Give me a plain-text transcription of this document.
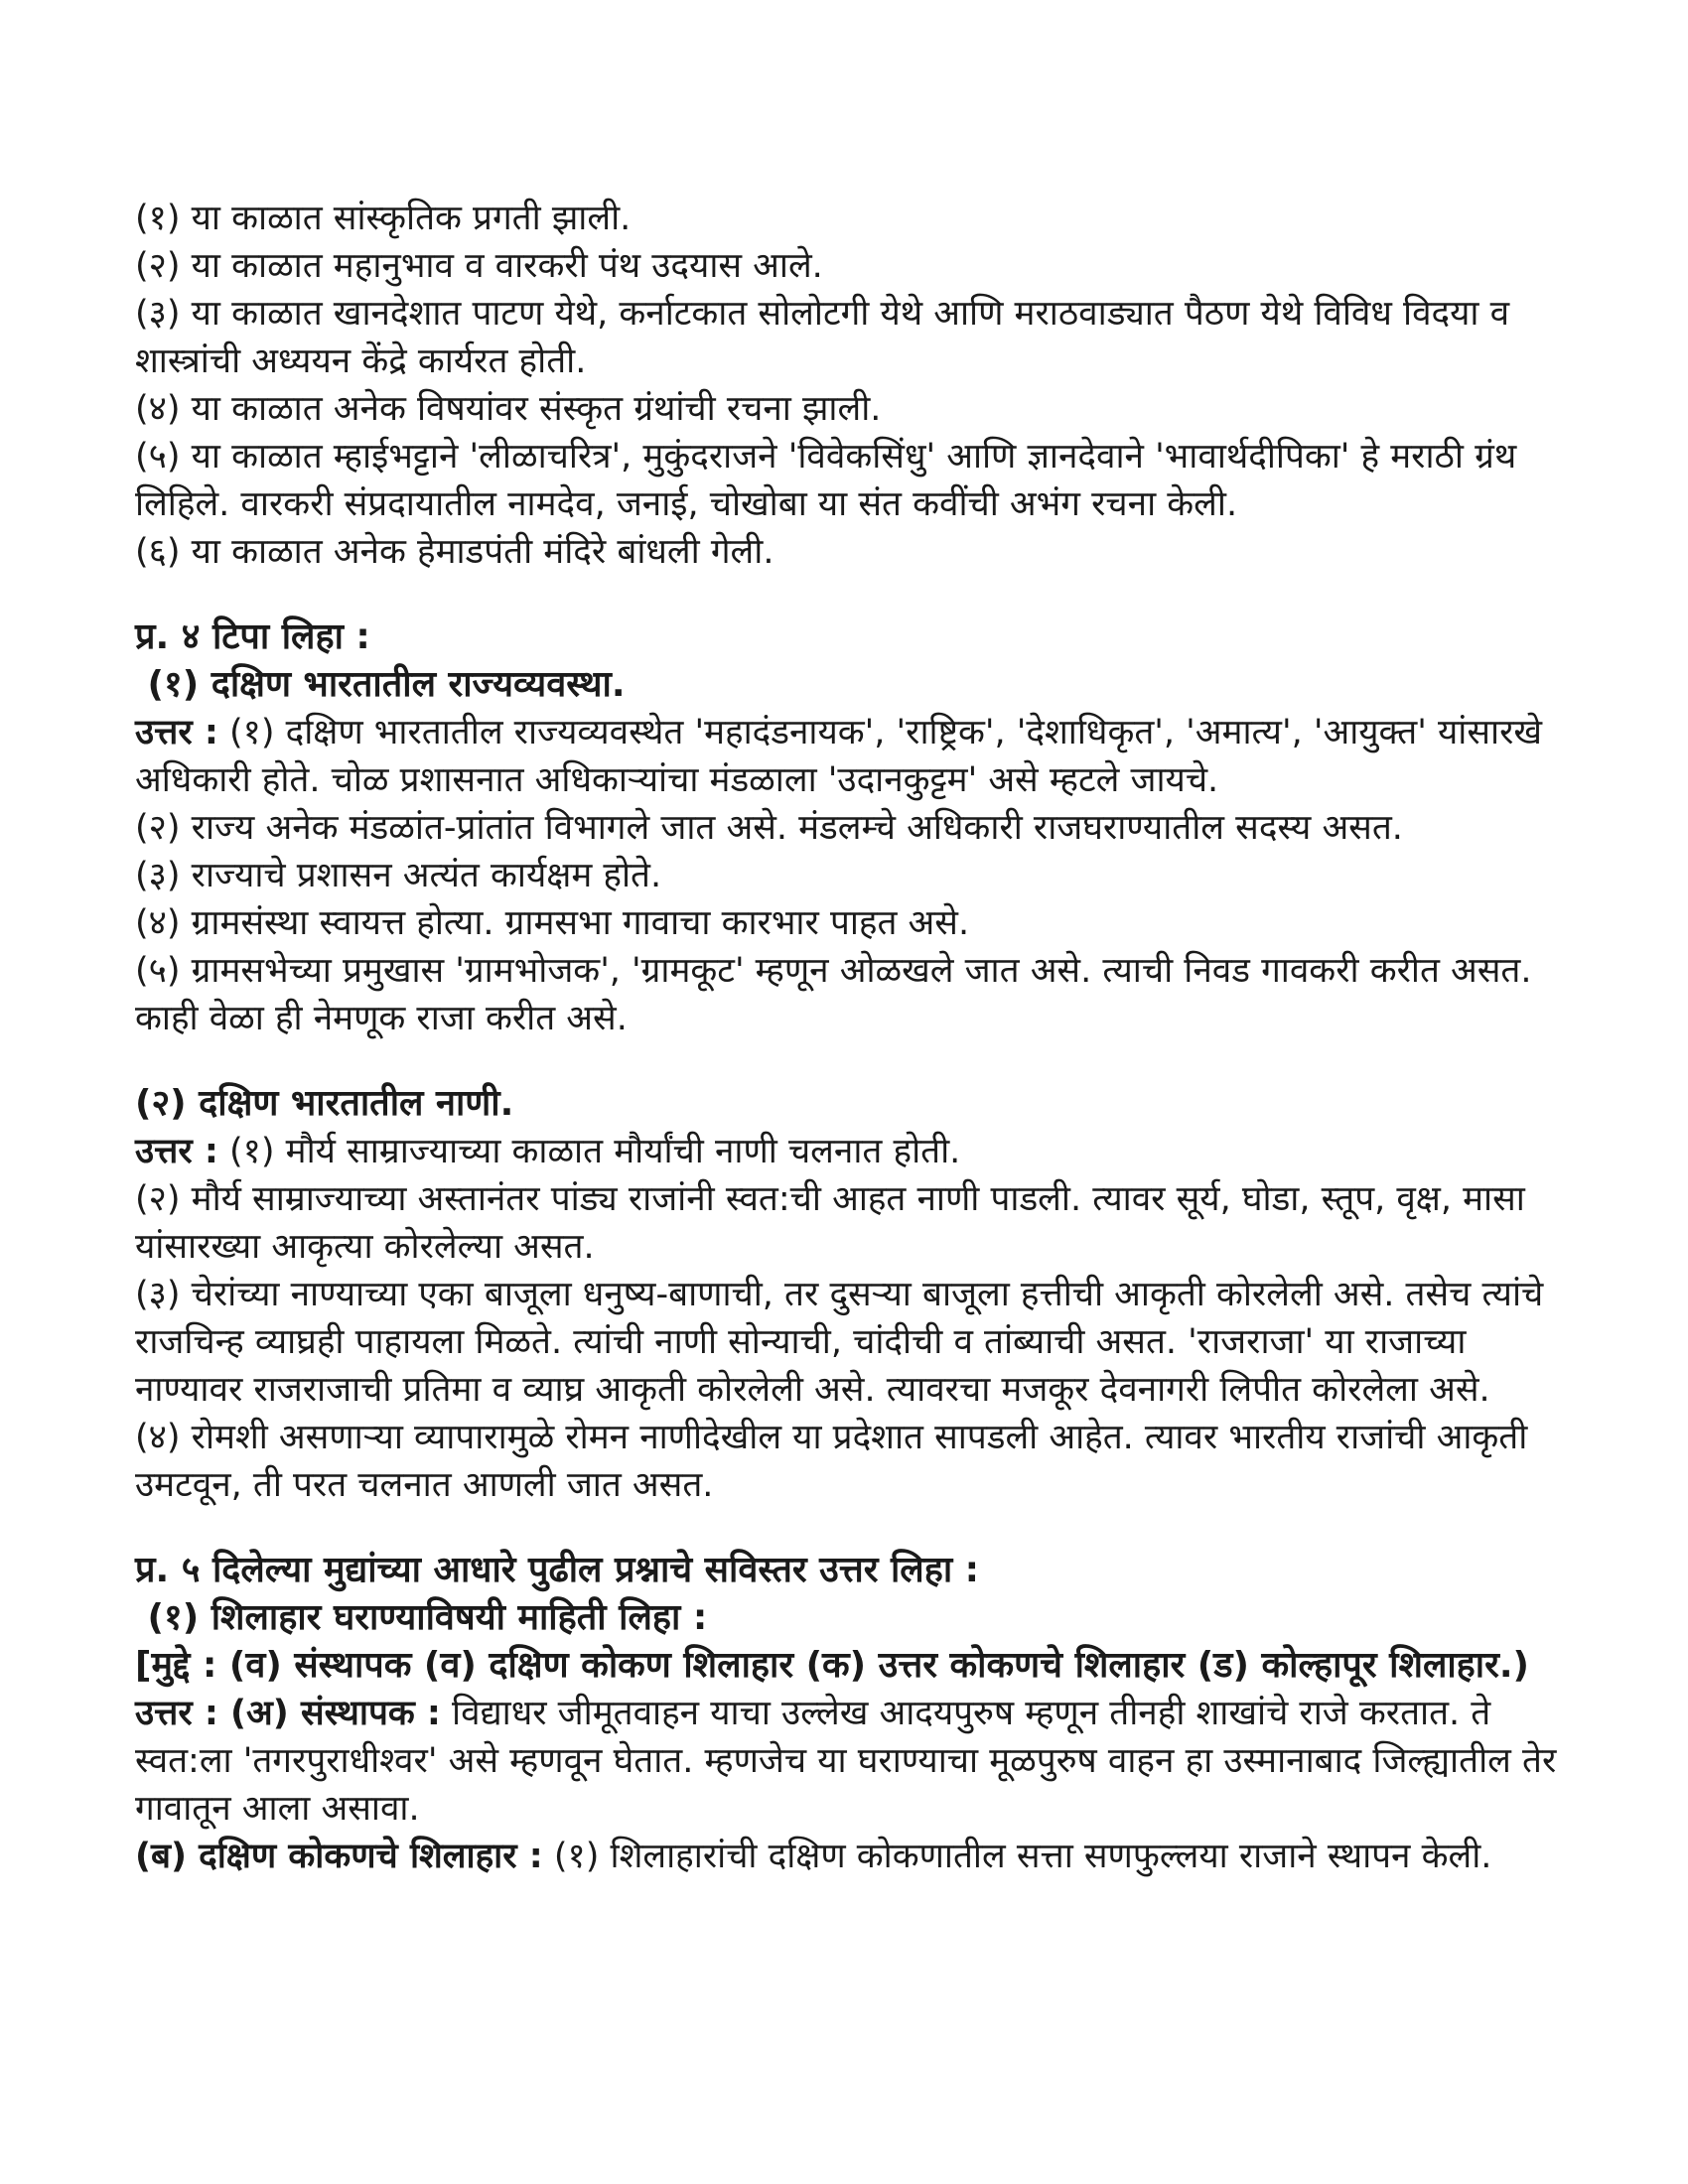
(१) या काळात सांस्कृतिक प्रगती झाली.

(२) या काळात महानुभाव व वारकरी पंथ उदयास आले.

(३) या काळात खानदेशात पाटण येथे, कर्नाटकात सोलोटगी येथे आणि मराठवाड्यात पैठण येथे विविध विदया व शास्त्रांची अध्ययन केंद्रे कार्यरत होती.

(४) या काळात अनेक विषयांवर संस्कृत ग्रंथांची रचना झाली.

(५) या काळात म्हाईभट्टाने 'लीळाचरित्र', मुकुंदराजने 'विवेकसिंधु' आणि ज्ञानदेवाने 'भावार्थदीपिका' हे मराठी ग्रंथ लिहिले. वारकरी संप्रदायातील नामदेव, जनाई, चोखोबा या संत कवींची अभंग रचना केली.

(६) या काळात अनेक हेमाडपंती मंदिरे बांधली गेली.

प्र. ४ टिपा लिहा :

(१) दक्षिण भारतातील राज्यव्यवस्था.

उत्तर : (१) दक्षिण भारतातील राज्यव्यवस्थेत 'महादंडनायक', 'राष्ट्रिक', 'देशाधिकृत', 'अमात्य', 'आयुक्त' यांसारखे अधिकारी होते. चोळ प्रशासनात अधिकाऱ्यांचा मंडळाला 'उदानकुट्टम' असे म्हटले जायचे.

(२) राज्य अनेक मंडळांत-प्रांतांत विभागले जात असे. मंडलम्चे अधिकारी राजघराण्यातील सदस्य असत.

(३) राज्याचे प्रशासन अत्यंत कार्यक्षम होते.

(४) ग्रामसंस्था स्वायत्त होत्या. ग्रामसभा गावाचा कारभार पाहत असे.

(५) ग्रामसभेच्या प्रमुखास 'ग्रामभोजक', 'ग्रामकूट' म्हणून ओळखले जात असे. त्याची निवड गावकरी करीत असत. काही वेळा ही नेमणूक राजा करीत असे.

(२) दक्षिण भारतातील नाणी.

उत्तर : (१) मौर्य साम्राज्याच्या काळात मौर्यांची नाणी चलनात होती.

(२) मौर्य साम्राज्याच्या अस्तानंतर पांड्य राजांनी स्वत:ची आहत नाणी पाडली. त्यावर सूर्य, घोडा, स्तूप, वृक्ष, मासा यांसारख्या आकृत्या कोरलेल्या असत.

(३) चेरांच्या नाण्याच्या एका बाजूला धनुष्य-बाणाची, तर दुसऱ्या बाजूला हत्तीची आकृती कोरलेली असे. तसेच त्यांचे

राजचिन्ह व्याघ्रही पाहायला मिळते. त्यांची नाणी सोन्याची, चांदीची व तांब्याची असत. 'राजराजा' या राजाच्या नाण्यावर राजराजाची प्रतिमा व व्याघ्र आकृती कोरलेली असे. त्यावरचा मजकूर देवनागरी लिपीत कोरलेला असे.

(४) रोमशी असणाऱ्या व्यापारामुळे रोमन नाणीदेखील या प्रदेशात सापडली आहेत. त्यावर भारतीय राजांची आकृती उमटवून, ती परत चलनात आणली जात असत.

प्र. ५ दिलेल्या मुद्यांच्या आधारे पुढील प्रश्नाचे सविस्तर उत्तर लिहा :

(१) शिलाहार घराण्याविषयी माहिती लिहा :

[मुद्दे : (व) संस्थापक (व) दक्षिण कोकण शिलाहार (क) उत्तर कोकणचे शिलाहार (ड) कोल्हापूर शिलाहार.)

उत्तर : (अ) संस्थापक : विद्याधर जीमूतवाहन याचा उल्लेख आदयपुरुष म्हणून तीनही शाखांचे राजे करतात. ते स्वत:ला 'तगरपुराधीश्वर' असे म्हणवून घेतात. म्हणजेच या घराण्याचा मूळपुरुष वाहन हा उस्मानाबाद जिल्ह्यातील तेर गावातून आला असावा.

(ब) दक्षिण कोकणचे शिलाहार : (१) शिलाहारांची दक्षिण कोकणातील सत्ता सणफुल्लया राजाने स्थापन केली.
